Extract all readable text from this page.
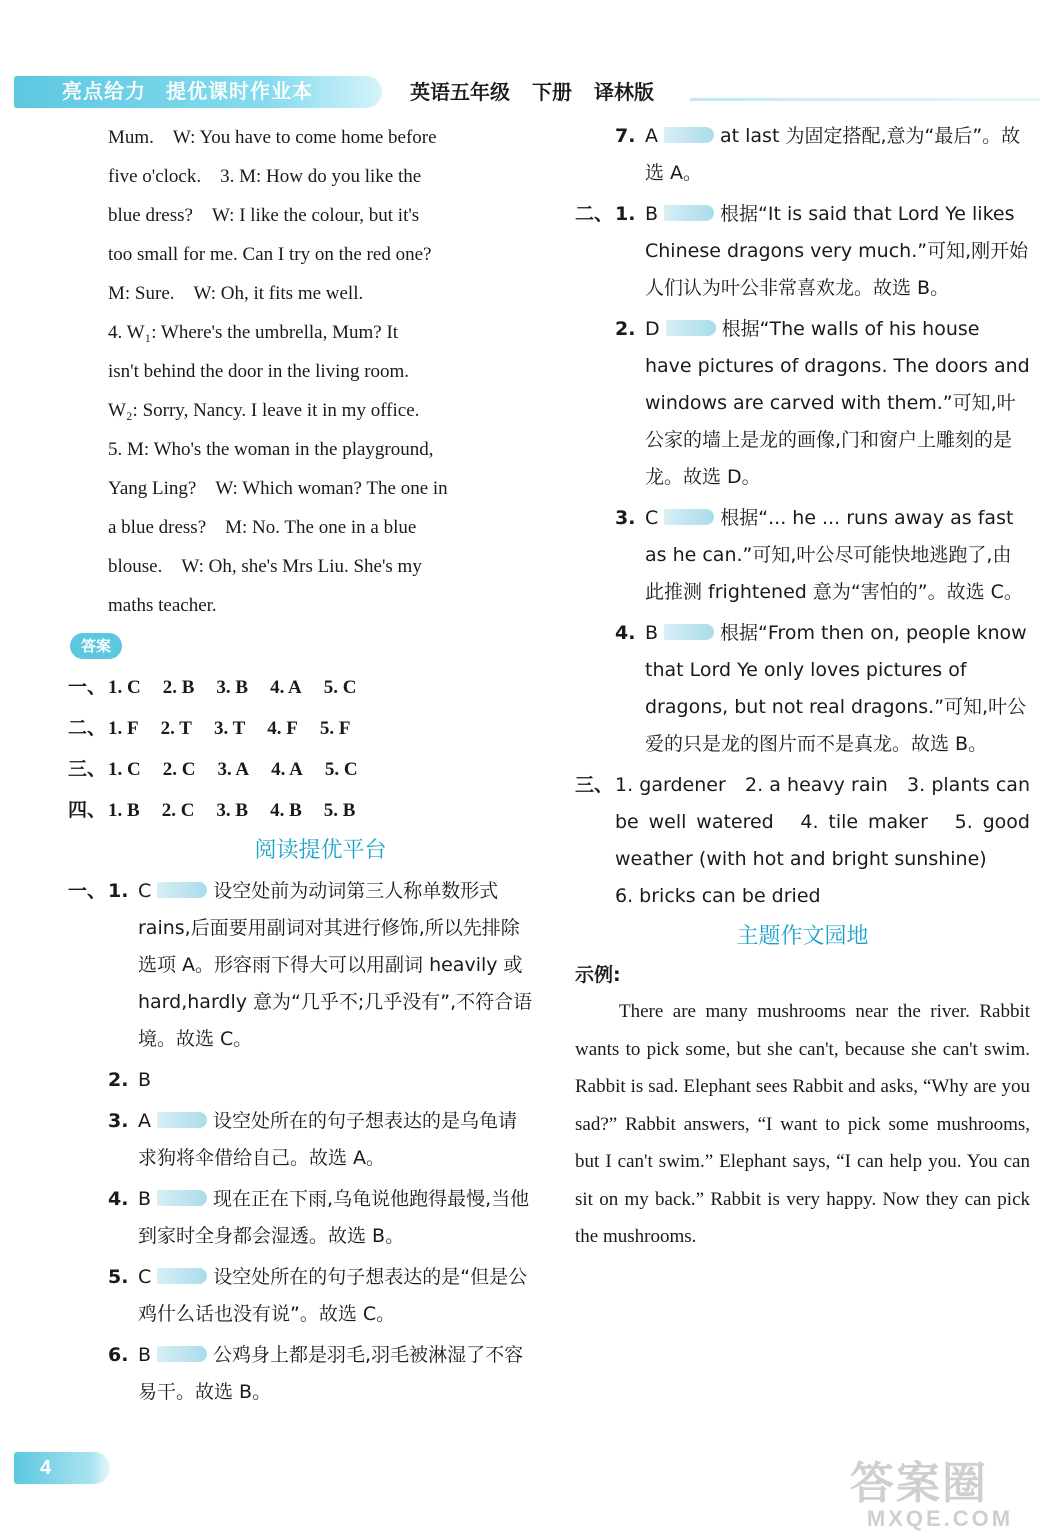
亮点给力 提优课时作业本	英语五年级 下册 译林版
Mum.　W: You have to come home before
five o'clock.　3. M: How do you like the
blue dress?　W: I like the colour, but it's
too small for me. Can I try on the red one?
M: Sure.　W: Oh, it fits me well.
4. W₁: Where's the umbrella, Mum? It
isn't behind the door in the living room.
W₂: Sorry, Nancy. I leave it in my office.
5. M: Who's the woman in the playground,
Yang Ling?　W: Which woman? The one in
a blue dress?　M: No. The one in a blue
blouse.　W: Oh, she's Mrs Liu. She's my
maths teacher.
答案
一、 1. C 2. B 3. B 4. A 5. C
二、 1. F 2. T 3. T 4. F 5. F
三、 1. C 2. C 3. A 4. A 5. C
四、 1. B 2. C 3. B 4. B 5. B
阅读提优平台
一、 1. C	设空处前为动词第三人称单数形式 rains,后面要用副词对其进行修饰,所以先排除选项 A。形容雨下得大可以用副词 heavily 或 hard,hardly 意为“几乎不;几乎没有”,不符合语境。故选 C。
2. B
3. A	设空处所在的句子想表达的是乌龟请求狗将伞借给自己。故选 A。
4. B	现在正在下雨,乌龟说他跑得最慢,当他到家时全身都会湿透。故选 B。
5. C	设空处所在的句子想表达的是“但是公鸡什么话也没有说”。故选 C。
6. B	公鸡身上都是羽毛,羽毛被淋湿了不容易干。故选 B。
7. A	at last 为固定搭配,意为“最后”。故选 A。
二、 1. B	根据“It is said that Lord Ye likes Chinese dragons very much.”可知,刚开始人们认为叶公非常喜欢龙。故选 B。
2. D	根据“The walls of his house have pictures of dragons. The doors and windows are carved with them.”可知,叶公家的墙上是龙的画像,门和窗户上雕刻的是龙。故选 D。
3. C	根据“... he ... runs away as fast as he can.”可知,叶公尽可能快地逃跑了,由此推测 frightened 意为“害怕的”。故选 C。
4. B	根据“From then on, people know that Lord Ye only loves pictures of dragons, but not real dragons.”可知,叶公爱的只是龙的图片而不是真龙。故选 B。
三、 1. gardener　2. a heavy rain　3. plants can be well watered　4. tile maker　5. good weather (with hot and bright sunshine)
6. bricks can be dried
主题作文园地
示例:
There are many mushrooms near the river. Rabbit wants to pick some, but she can't, because she can't swim. Rabbit is sad. Elephant sees Rabbit and asks, “Why are you sad?” Rabbit answers, “I want to pick some mushrooms, but I can't swim.” Elephant says, “I can help you. You can sit on my back.” Rabbit is very happy. Now they can pick the mushrooms.
4	答案圈
MXQE.COM
